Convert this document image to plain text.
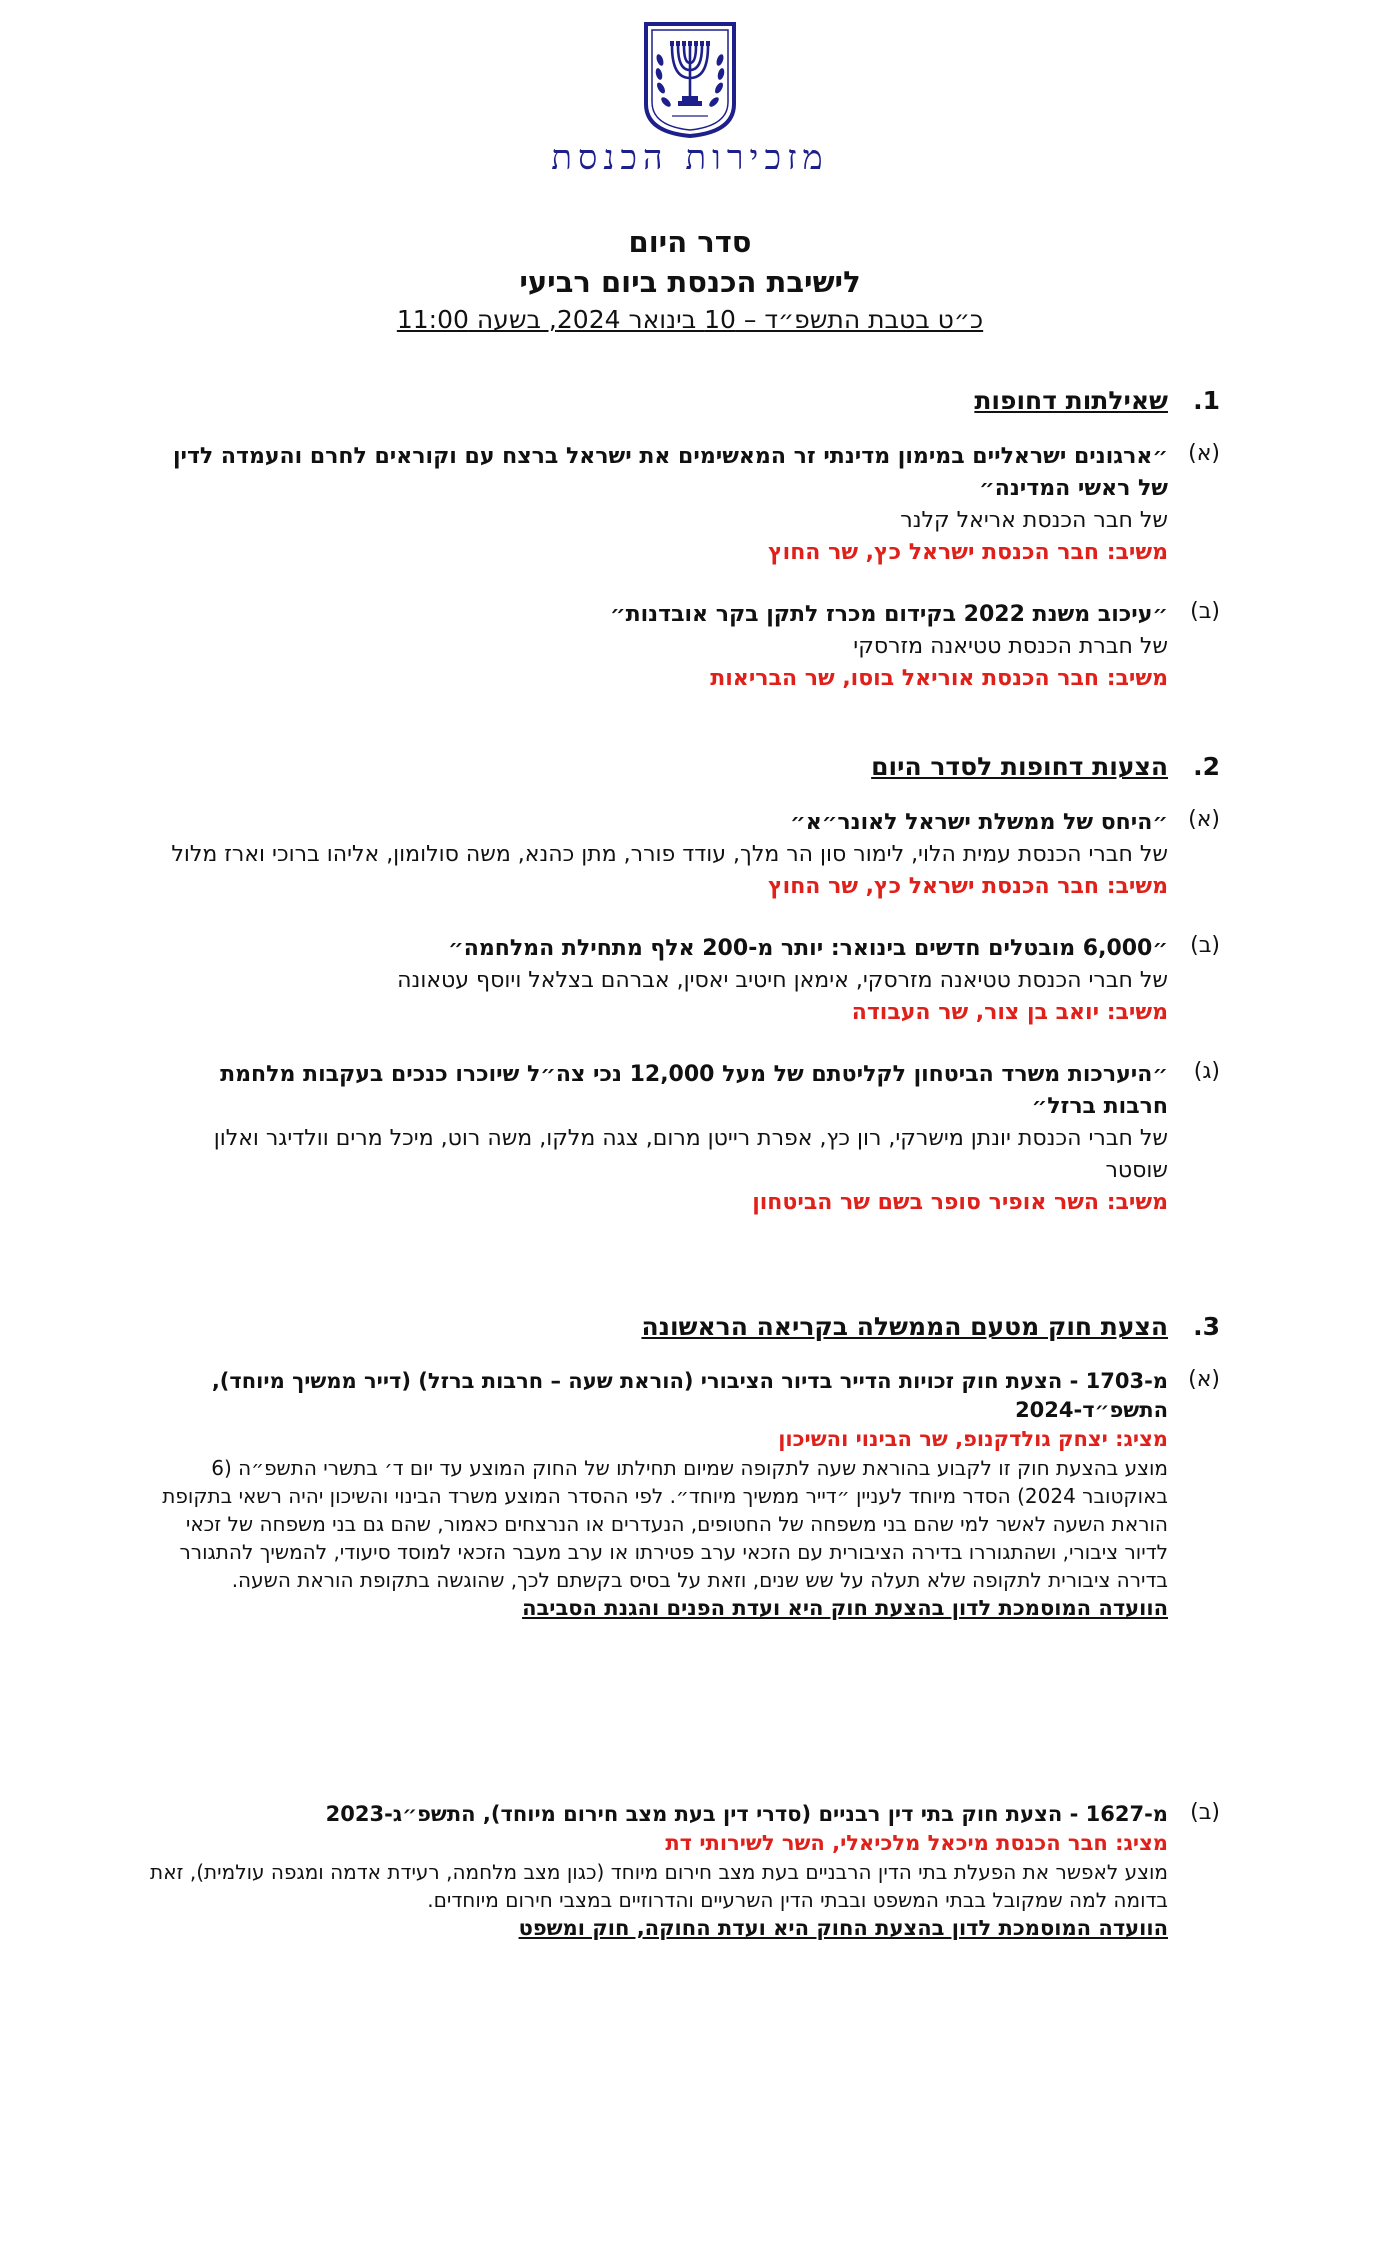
מזכירות הכנסת
סדר היום
לישיבת הכנסת ביום רביעי
כ״ט בטבת התשפ״ד – 10 בינואר 2024, בשעה 11:00
1.
שאילתות דחופות
(א)
״ארגונים ישראליים במימון מדינתי זר המאשימים את ישראל ברצח עם וקוראים לחרם והעמדה לדין של ראשי המדינה״
של חבר הכנסת אריאל קלנר
משיב: חבר הכנסת ישראל כץ, שר החוץ
(ב)
״עיכוב משנת 2022 בקידום מכרז לתקן בקר אובדנות״
של חברת הכנסת טטיאנה מזרסקי
משיב: חבר הכנסת אוריאל בוסו, שר הבריאות
2.
הצעות דחופות לסדר היום
(א)
״היחס של ממשלת ישראל לאונר״א״
של חברי הכנסת עמית הלוי, לימור סון הר מלך, עודד פורר, מתן כהנא, משה סולומון, אליהו ברוכי וארז מלול
משיב: חבר הכנסת ישראל כץ, שר החוץ
(ב)
״6,000 מובטלים חדשים בינואר: יותר מ-200 אלף מתחילת המלחמה״
של חברי הכנסת טטיאנה מזרסקי, אימאן חיטיב יאסין, אברהם בצלאל ויוסף עטאונה
משיב: יואב בן צור, שר העבודה
(ג)
״היערכות משרד הביטחון לקליטתם של מעל 12,000 נכי צה״ל שיוכרו כנכים בעקבות מלחמת חרבות ברזל״
של חברי הכנסת יונתן מישרקי, רון כץ, אפרת רייטן מרום, צגה מלקו, משה רוט, מיכל מרים וולדיגר ואלון שוסטר
משיב: השר אופיר סופר בשם שר הביטחון
3.
הצעת חוק מטעם הממשלה בקריאה הראשונה
(א)
מ-1703 - הצעת חוק זכויות הדייר בדיור הציבורי (הוראת שעה – חרבות ברזל) (דייר ממשיך מיוחד), התשפ״ד-2024
מציג: יצחק גולדקנופ, שר הבינוי והשיכון
מוצע בהצעת חוק זו לקבוע בהוראת שעה לתקופה שמיום תחילתו של החוק המוצע עד יום ד׳ בתשרי התשפ״ה (6 באוקטובר 2024) הסדר מיוחד לעניין ״דייר ממשיך מיוחד״. לפי ההסדר המוצע משרד הבינוי והשיכון יהיה רשאי בתקופת הוראת השעה לאשר למי שהם בני משפחה של החטופים, הנעדרים או הנרצחים כאמור, שהם גם בני משפחה של זכאי לדיור ציבורי, ושהתגוררו בדירה הציבורית עם הזכאי ערב פטירתו או ערב מעבר הזכאי למוסד סיעודי, להמשיך להתגורר בדירה ציבורית לתקופה שלא תעלה על שש שנים, וזאת על בסיס בקשתם לכך, שהוגשה בתקופת הוראת השעה.
הוועדה המוסמכת לדון בהצעת חוק היא ועדת הפנים והגנת הסביבה
(ב)
מ-1627 - הצעת חוק בתי דין רבניים (סדרי דין בעת מצב חירום מיוחד), התשפ״ג-2023
מציג: חבר הכנסת מיכאל מלכיאלי, השר לשירותי דת
מוצע לאפשר את הפעלת בתי הדין הרבניים בעת מצב חירום מיוחד (כגון מצב מלחמה, רעידת אדמה ומגפה עולמית), זאת בדומה למה שמקובל בבתי המשפט ובבתי הדין השרעיים והדרוזיים במצבי חירום מיוחדים.
הוועדה המוסמכת לדון בהצעת החוק היא ועדת החוקה, חוק ומשפט
